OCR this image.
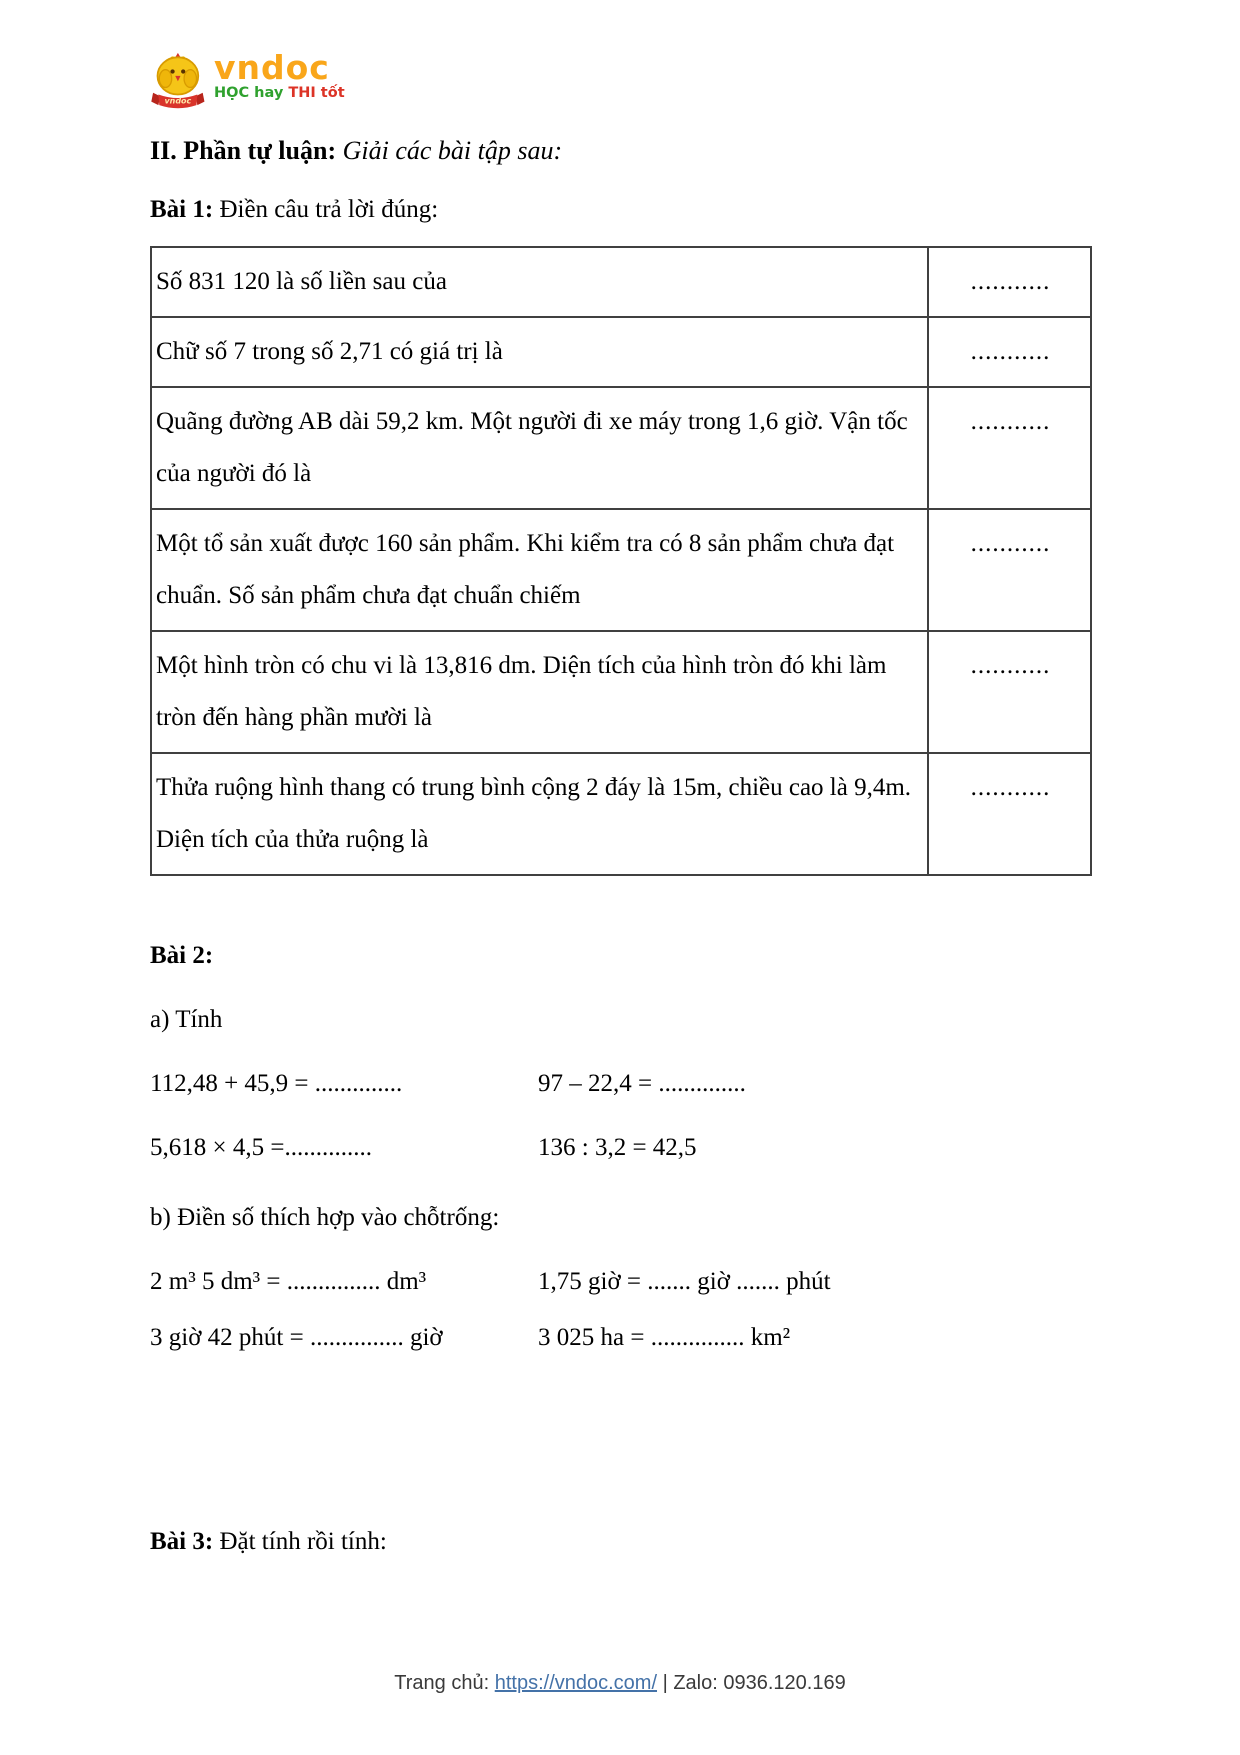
vndoc
vndoc
HỌC hay THI tốt

II. Phần tự luận: Giải các bài tập sau:

Bài 1: Điền câu trả lời đúng:

Số 831 120 là số liền sau của	...........
Chữ số 7 trong số 2,71 có giá trị là	...........
Quãng đường AB dài 59,2 km. Một người đi xe máy trong 1,6 giờ. Vận tốc của người đó là	...........
Một tổ sản xuất được 160 sản phẩm. Khi kiểm tra có 8 sản phẩm chưa đạt chuẩn. Số sản phẩm chưa đạt chuẩn chiếm	...........
Một hình tròn có chu vi là 13,816 dm. Diện tích của hình tròn đó khi làm tròn đến hàng phần mười là	...........
Thửa ruộng hình thang có trung bình cộng 2 đáy là 15m, chiều cao là 9,4m. Diện tích của thửa ruộng là	...........

Bài 2:

a) Tính

112,48 + 45,9 = ..............	97 – 22,4 = ..............
5,618 × 4,5 =..............	136 : 3,2 = 42,5

b) Điền số thích hợp vào chỗtrống:

2 m³ 5 dm³ = ............... dm³	1,75 giờ = ....... giờ ....... phút
3 giờ 42 phút = ............... giờ	3 025 ha = ............... km²

Bài 3: Đặt tính rồi tính:

Trang chủ: https://vndoc.com/ | Zalo: 0936.120.169
